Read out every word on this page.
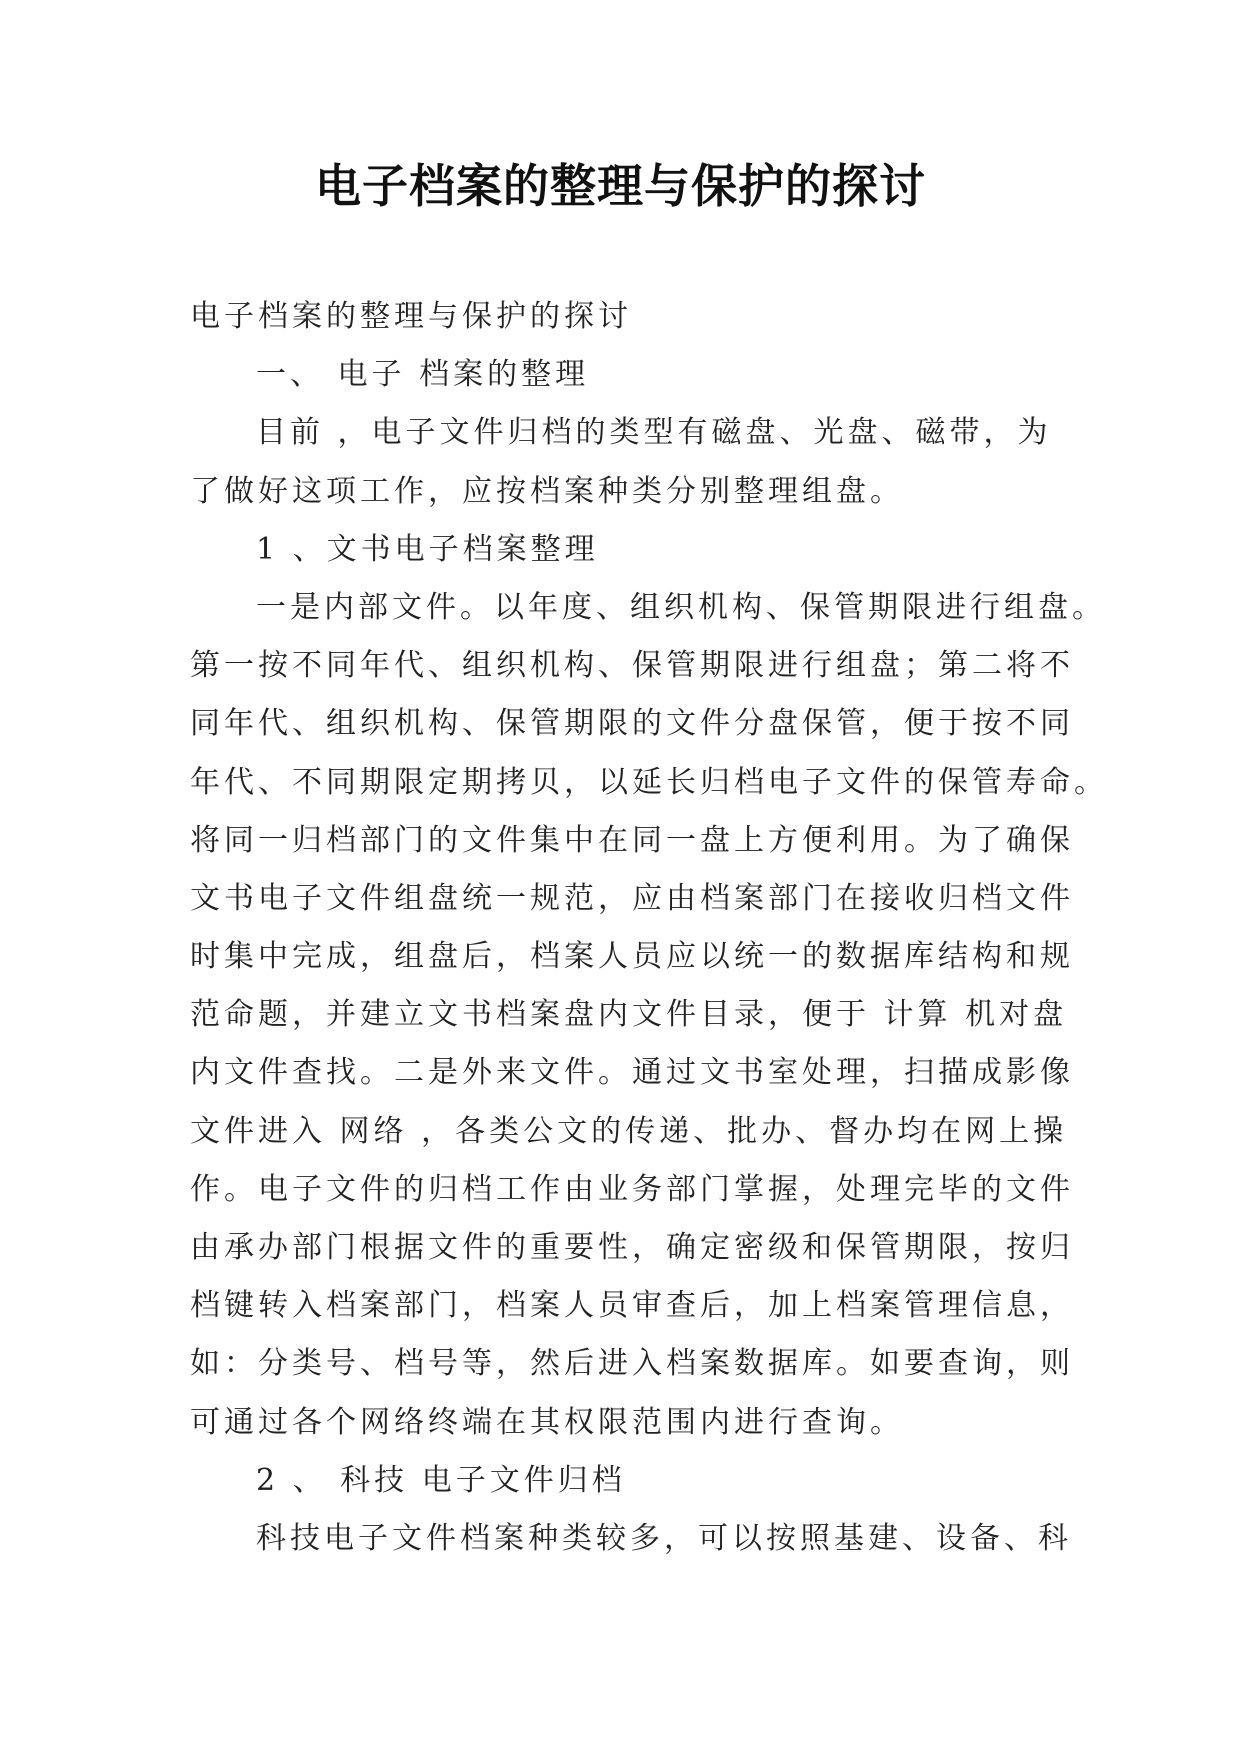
电子档案的整理与保护的探讨
电子档案的整理与保护的探讨
一、 电子 档案的整理
目前 ，电子文件归档的类型有磁盘、光盘、磁带，为
了做好这项工作，应按档案种类分别整理组盘。
1 、文书电子档案整理
一是内部文件。以年度、组织机构、保管期限进行组盘。
第一按不同年代、组织机构、保管期限进行组盘；第二将不
同年代、组织机构、保管期限的文件分盘保管，便于按不同
年代、不同期限定期拷贝，以延长归档电子文件的保管寿命。
将同一归档部门的文件集中在同一盘上方便利用。为了确保
文书电子文件组盘统一规范，应由档案部门在接收归档文件
时集中完成，组盘后，档案人员应以统一的数据库结构和规
范命题，并建立文书档案盘内文件目录，便于 计算 机对盘
内文件查找。二是外来文件。通过文书室处理，扫描成影像
文件进入 网络 ，各类公文的传递、批办、督办均在网上操
作。电子文件的归档工作由业务部门掌握，处理完毕的文件
由承办部门根据文件的重要性，确定密级和保管期限，按归
档键转入档案部门，档案人员审查后，加上档案管理信息，
如：分类号、档号等，然后进入档案数据库。如要查询，则
可通过各个网络终端在其权限范围内进行查询。
2 、 科技 电子文件归档
科技电子文件档案种类较多，可以按照基建、设备、科
